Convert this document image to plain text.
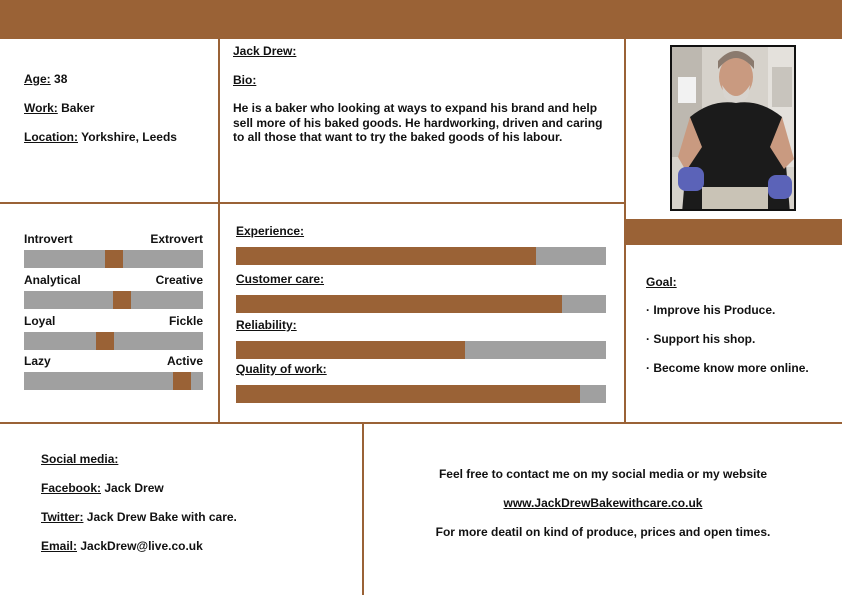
Age: 38
Work: Baker
Location: Yorkshire, Leeds
Jack Drew:
Bio:
He is a baker who looking at ways to expand his brand and help
sell more of his baked goods. He hardworking, driven and caring
to all those that want to try the baked goods of his labour.
Introvert	Extrovert
Analytical	Creative
Loyal	Fickle
Lazy	Active
Experience:
Customer care:
Reliability:
Quality of work:
Goal:
· Improve his Produce.
· Support his shop.
· Become know more online.
Social media:
Facebook: Jack Drew
Twitter: Jack Drew Bake with care.
Email: JackDrew@live.co.uk
Feel free to contact me on my social media or my website
www.JackDrewBakewithcare.co.uk
For more deatil on kind of produce, prices and open times.
